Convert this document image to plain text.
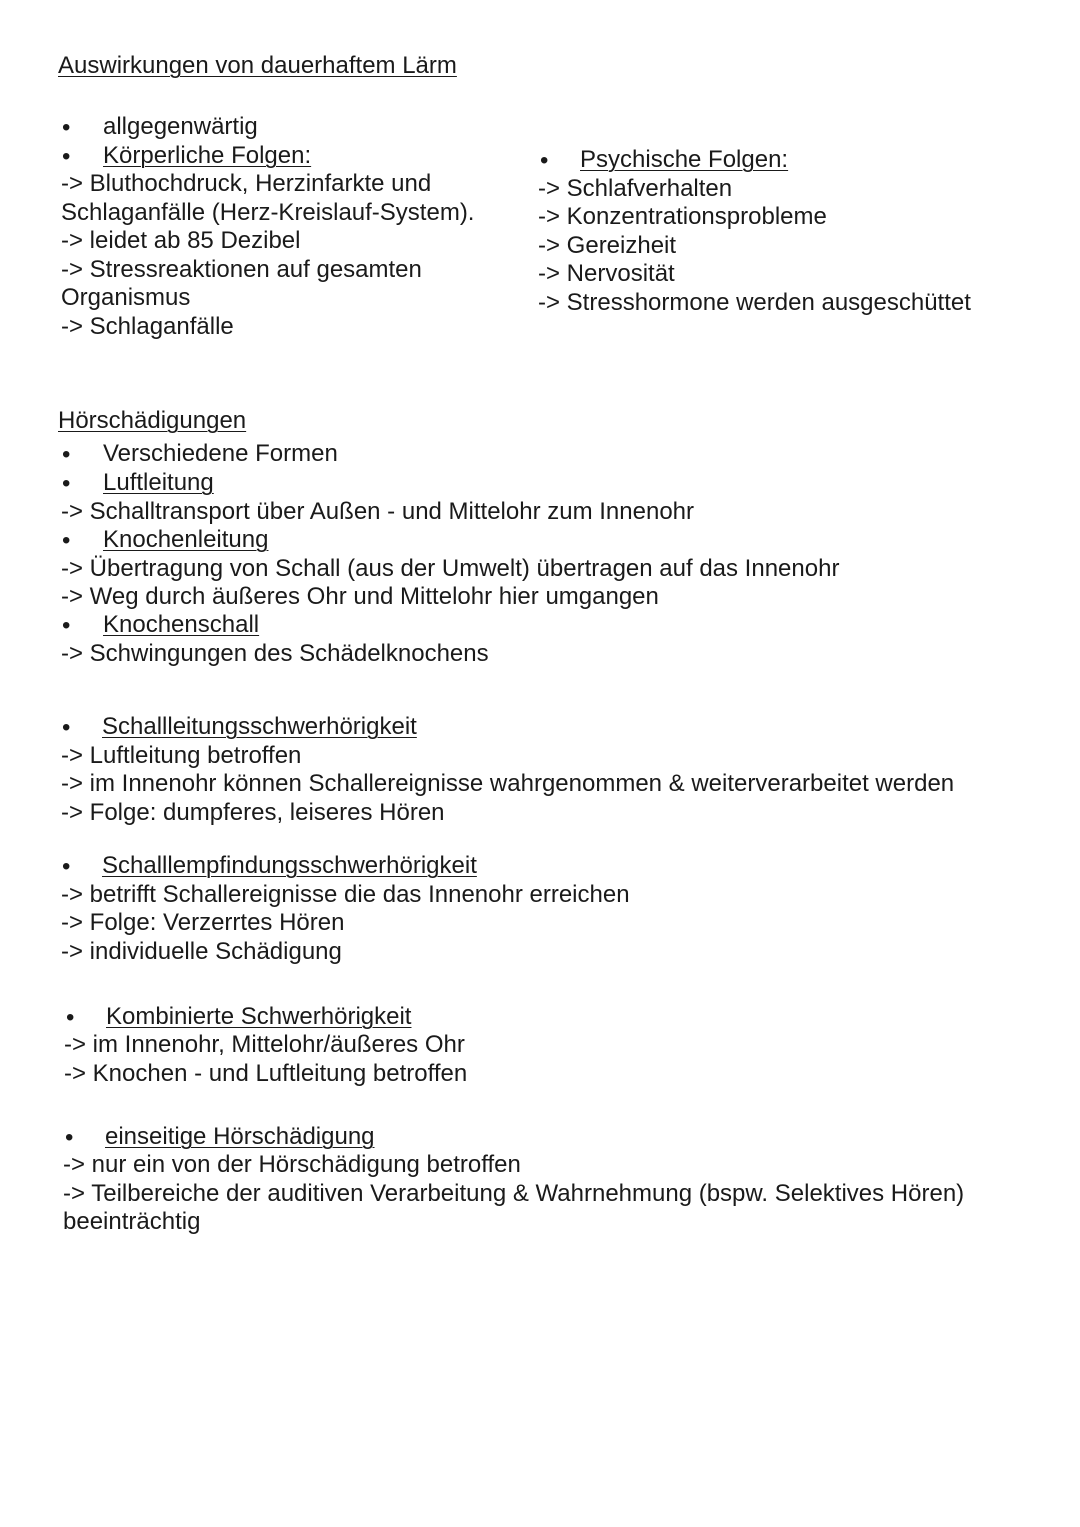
Auswirkungen von dauerhaftem Lärm
• allgegenwärtig
• Körperliche Folgen:
-> Bluthochdruck, Herzinfarkte und
Schlaganfälle (Herz-Kreislauf-System).
-> leidet ab 85 Dezibel
-> Stressreaktionen auf gesamten
Organismus
-> Schlaganfälle
• Psychische Folgen:
-> Schlafverhalten
-> Konzentrationsprobleme
-> Gereizheit
-> Nervosität
-> Stresshormone werden ausgeschüttet
Hörschädigungen
• Verschiedene Formen
• Luftleitung
-> Schalltransport über Außen - und Mittelohr zum Innenohr
• Knochenleitung
-> Übertragung von Schall (aus der Umwelt) übertragen auf das Innenohr
-> Weg durch äußeres Ohr und Mittelohr hier umgangen
• Knochenschall
-> Schwingungen des Schädelknochens
• Schallleitungsschwerhörigkeit
-> Luftleitung betroffen
-> im Innenohr können Schallereignisse wahrgenommen & weiterverarbeitet werden
-> Folge: dumpferes, leiseres Hören
• Schalllempfindungsschwerhörigkeit
-> betrifft Schallereignisse die das Innenohr erreichen
-> Folge: Verzerrtes Hören
-> individuelle Schädigung
• Kombinierte Schwerhörigkeit
-> im Innenohr, Mittelohr/äußeres Ohr
-> Knochen - und Luftleitung betroffen
• einseitige Hörschädigung
-> nur ein von der Hörschädigung betroffen
-> Teilbereiche der auditiven Verarbeitung & Wahrnehmung (bspw. Selektives Hören)
beeinträchtig
